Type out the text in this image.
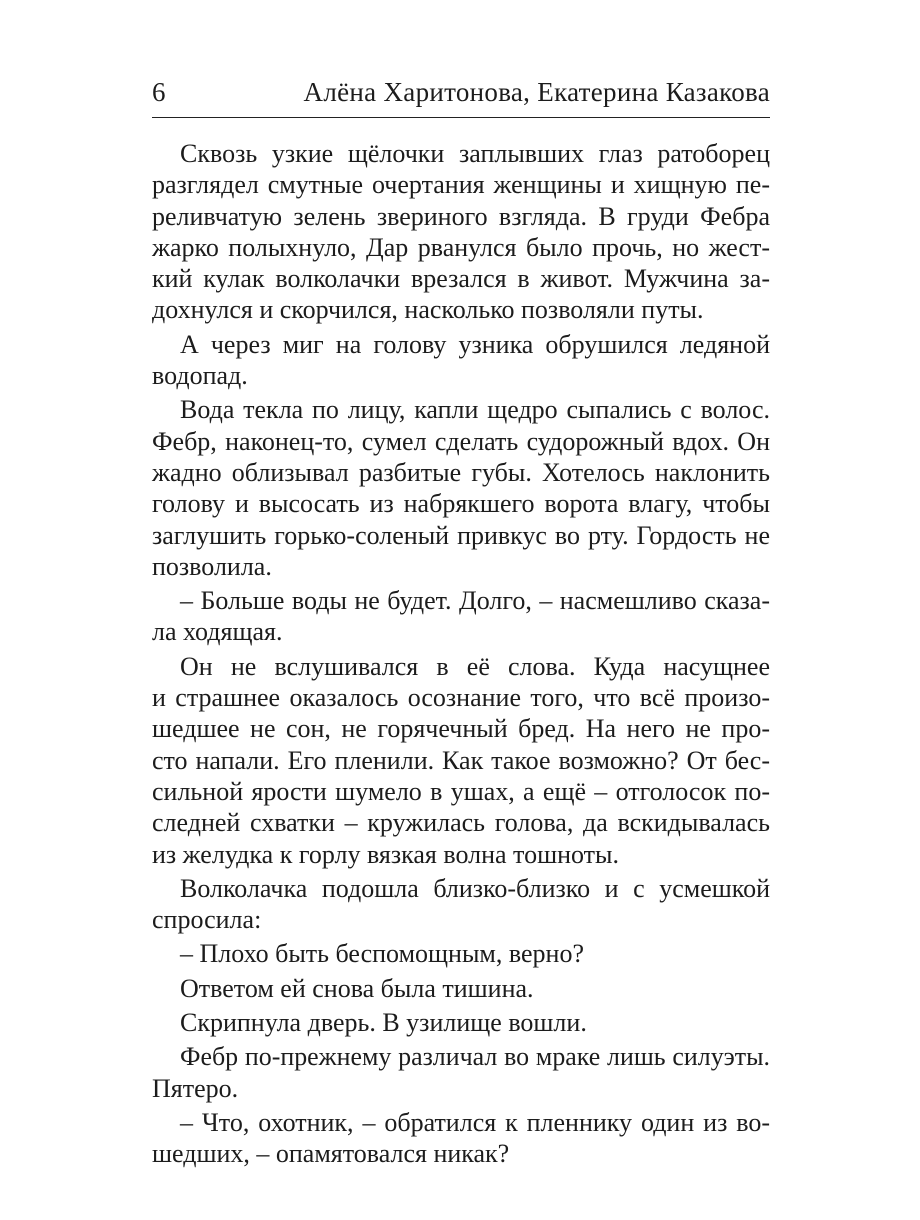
6	Алёна Харитонова, Екатерина Казакова
Сквозь узкие щёлочки заплывших глаз ратоборец
разглядел смутные очертания женщины и хищную пе-
реливчатую зелень звериного взгляда. В груди Фебра
жарко полыхнуло, Дар рванулся было прочь, но жест-
кий кулак волколачки врезался в живот. Мужчина за-
дохнулся и скорчился, насколько позволяли путы.
А через миг на голову узника обрушился ледяной
водопад.
Вода текла по лицу, капли щедро сыпались с волос.
Фебр, наконец-то, сумел сделать судорожный вдох. Он
жадно облизывал разбитые губы. Хотелось наклонить
голову и высосать из набрякшего ворота влагу, чтобы
заглушить горько-соленый привкус во рту. Гордость не
позволила.
– Больше воды не будет. Долго, – насмешливо сказа-
ла ходящая.
Он не вслушивался в её слова. Куда насущнее
и страшнее оказалось осознание того, что всё произо-
шедшее не сон, не горячечный бред. На него не про-
сто напали. Его пленили. Как такое возможно? От бес-
сильной ярости шумело в ушах, а ещё – отголосок по-
следней схватки – кружилась голова, да вскидывалась
из желудка к горлу вязкая волна тошноты.
Волколачка подошла близко-близко и с усмешкой
спросила:
– Плохо быть беспомощным, верно?
Ответом ей снова была тишина.
Скрипнула дверь. В узилище вошли.
Фебр по-прежнему различал во мраке лишь силуэты.
Пятеро.
– Что, охотник, – обратился к пленнику один из во-
шедших, – опамятовался никак?
